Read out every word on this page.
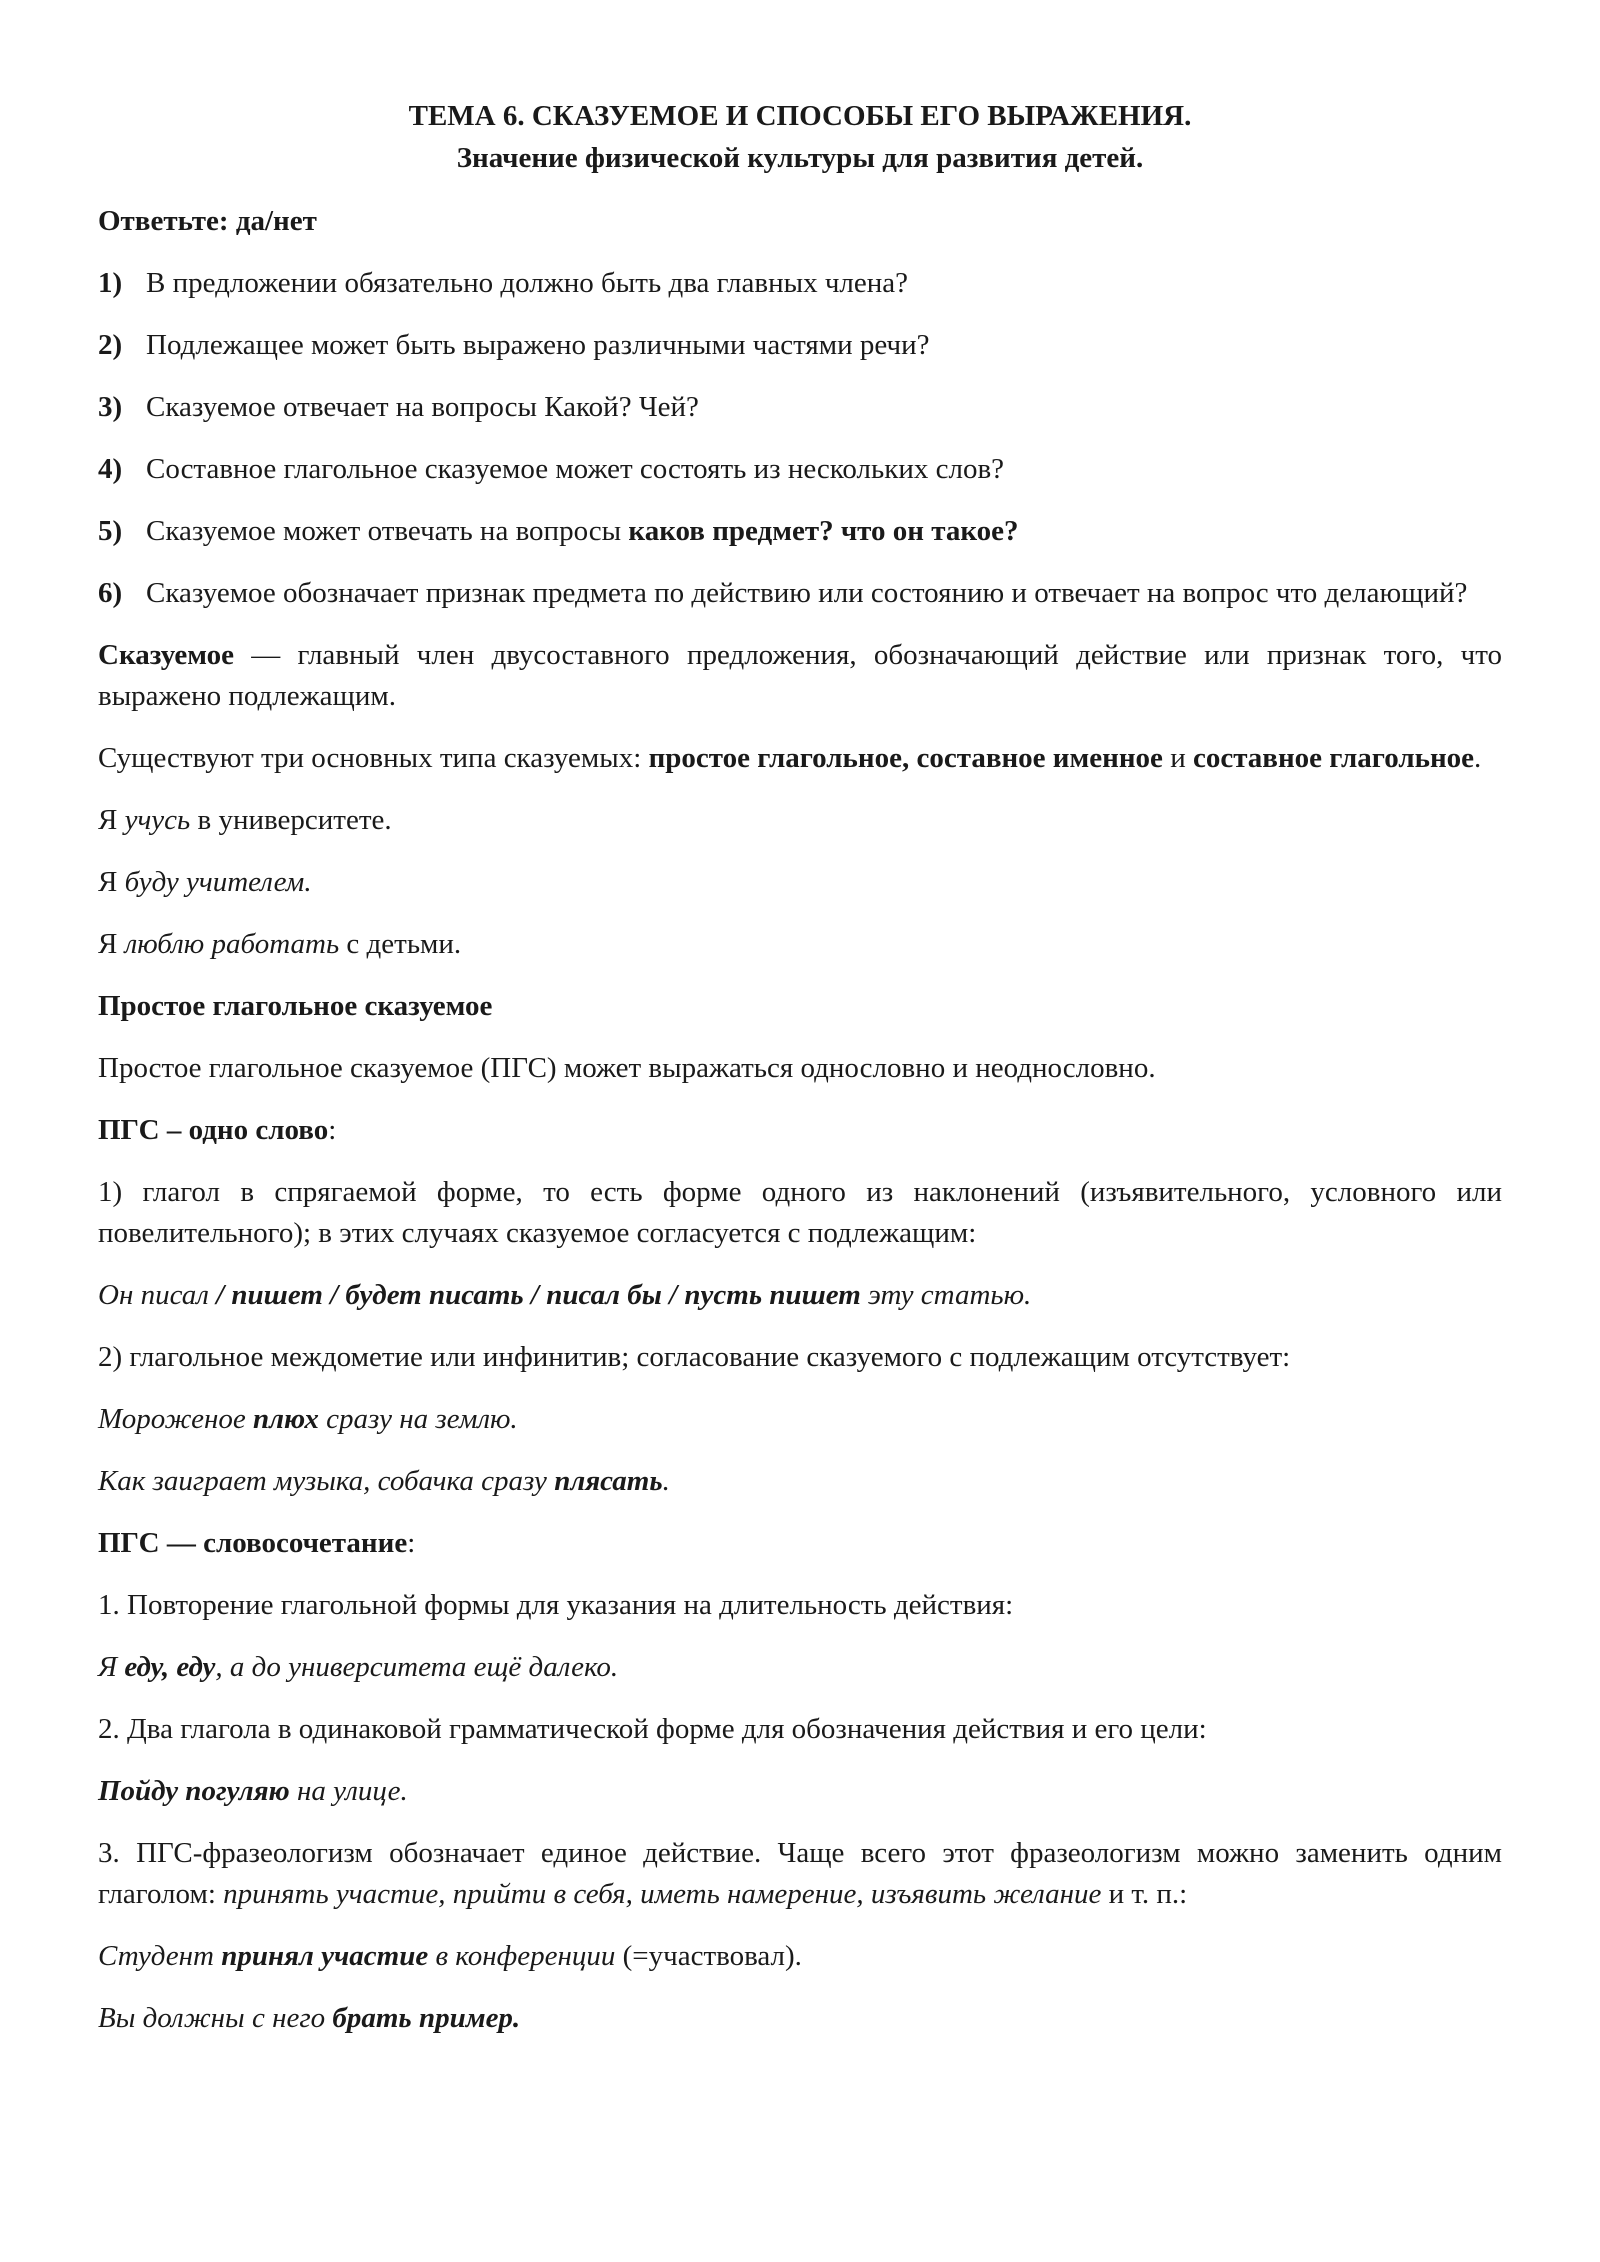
ТЕМА 6. СКАЗУЕМОЕ И СПОСОБЫ ЕГО ВЫРАЖЕНИЯ.
Значение физической культуры для развития детей.

Ответьте: да/нет

1) В предложении обязательно должно быть два главных члена?
2) Подлежащее может быть выражено различными частями речи?
3) Сказуемое отвечает на вопросы Какой? Чей?
4) Составное глагольное сказуемое может состоять из нескольких слов?
5) Сказуемое может отвечать на вопросы каков предмет? что он такое?
6) Сказуемое обозначает признак предмета по действию или состоянию и отвечает на вопрос что делающий?

Сказуемое — главный член двусоставного предложения, обозначающий действие или признак того, что выражено подлежащим.

Существуют три основных типа сказуемых: простое глагольное, составное именное и составное глагольное.

Я учусь в университете.

Я буду учителем.

Я люблю работать с детьми.

Простое глагольное сказуемое

Простое глагольное сказуемое (ПГС) может выражаться однословно и неоднословно.

ПГС – одно слово:

1) глагол в спрягаемой форме, то есть форме одного из наклонений (изъявительного, условного или повелительного); в этих случаях сказуемое согласуется с подлежащим:

Он писал / пишет / будет писать / писал бы / пусть пишет эту статью.

2) глагольное междометие или инфинитив; согласование сказуемого с подлежащим отсутствует:

Мороженое плюх сразу на землю.

Как заиграет музыка, собачка сразу плясать.

ПГС — словосочетание:

1. Повторение глагольной формы для указания на длительность действия:

Я еду, еду, а до университета ещё далеко.

2. Два глагола в одинаковой грамматической форме для обозначения действия и его цели:

Пойду погуляю на улице.

3. ПГС-фразеологизм обозначает единое действие. Чаще всего этот фразеологизм можно заменить одним глаголом: принять участие, прийти в себя, иметь намерение, изъявить желание и т. п.:

Студент принял участие в конференции (=участвовал).

Вы должны с него брать пример.
